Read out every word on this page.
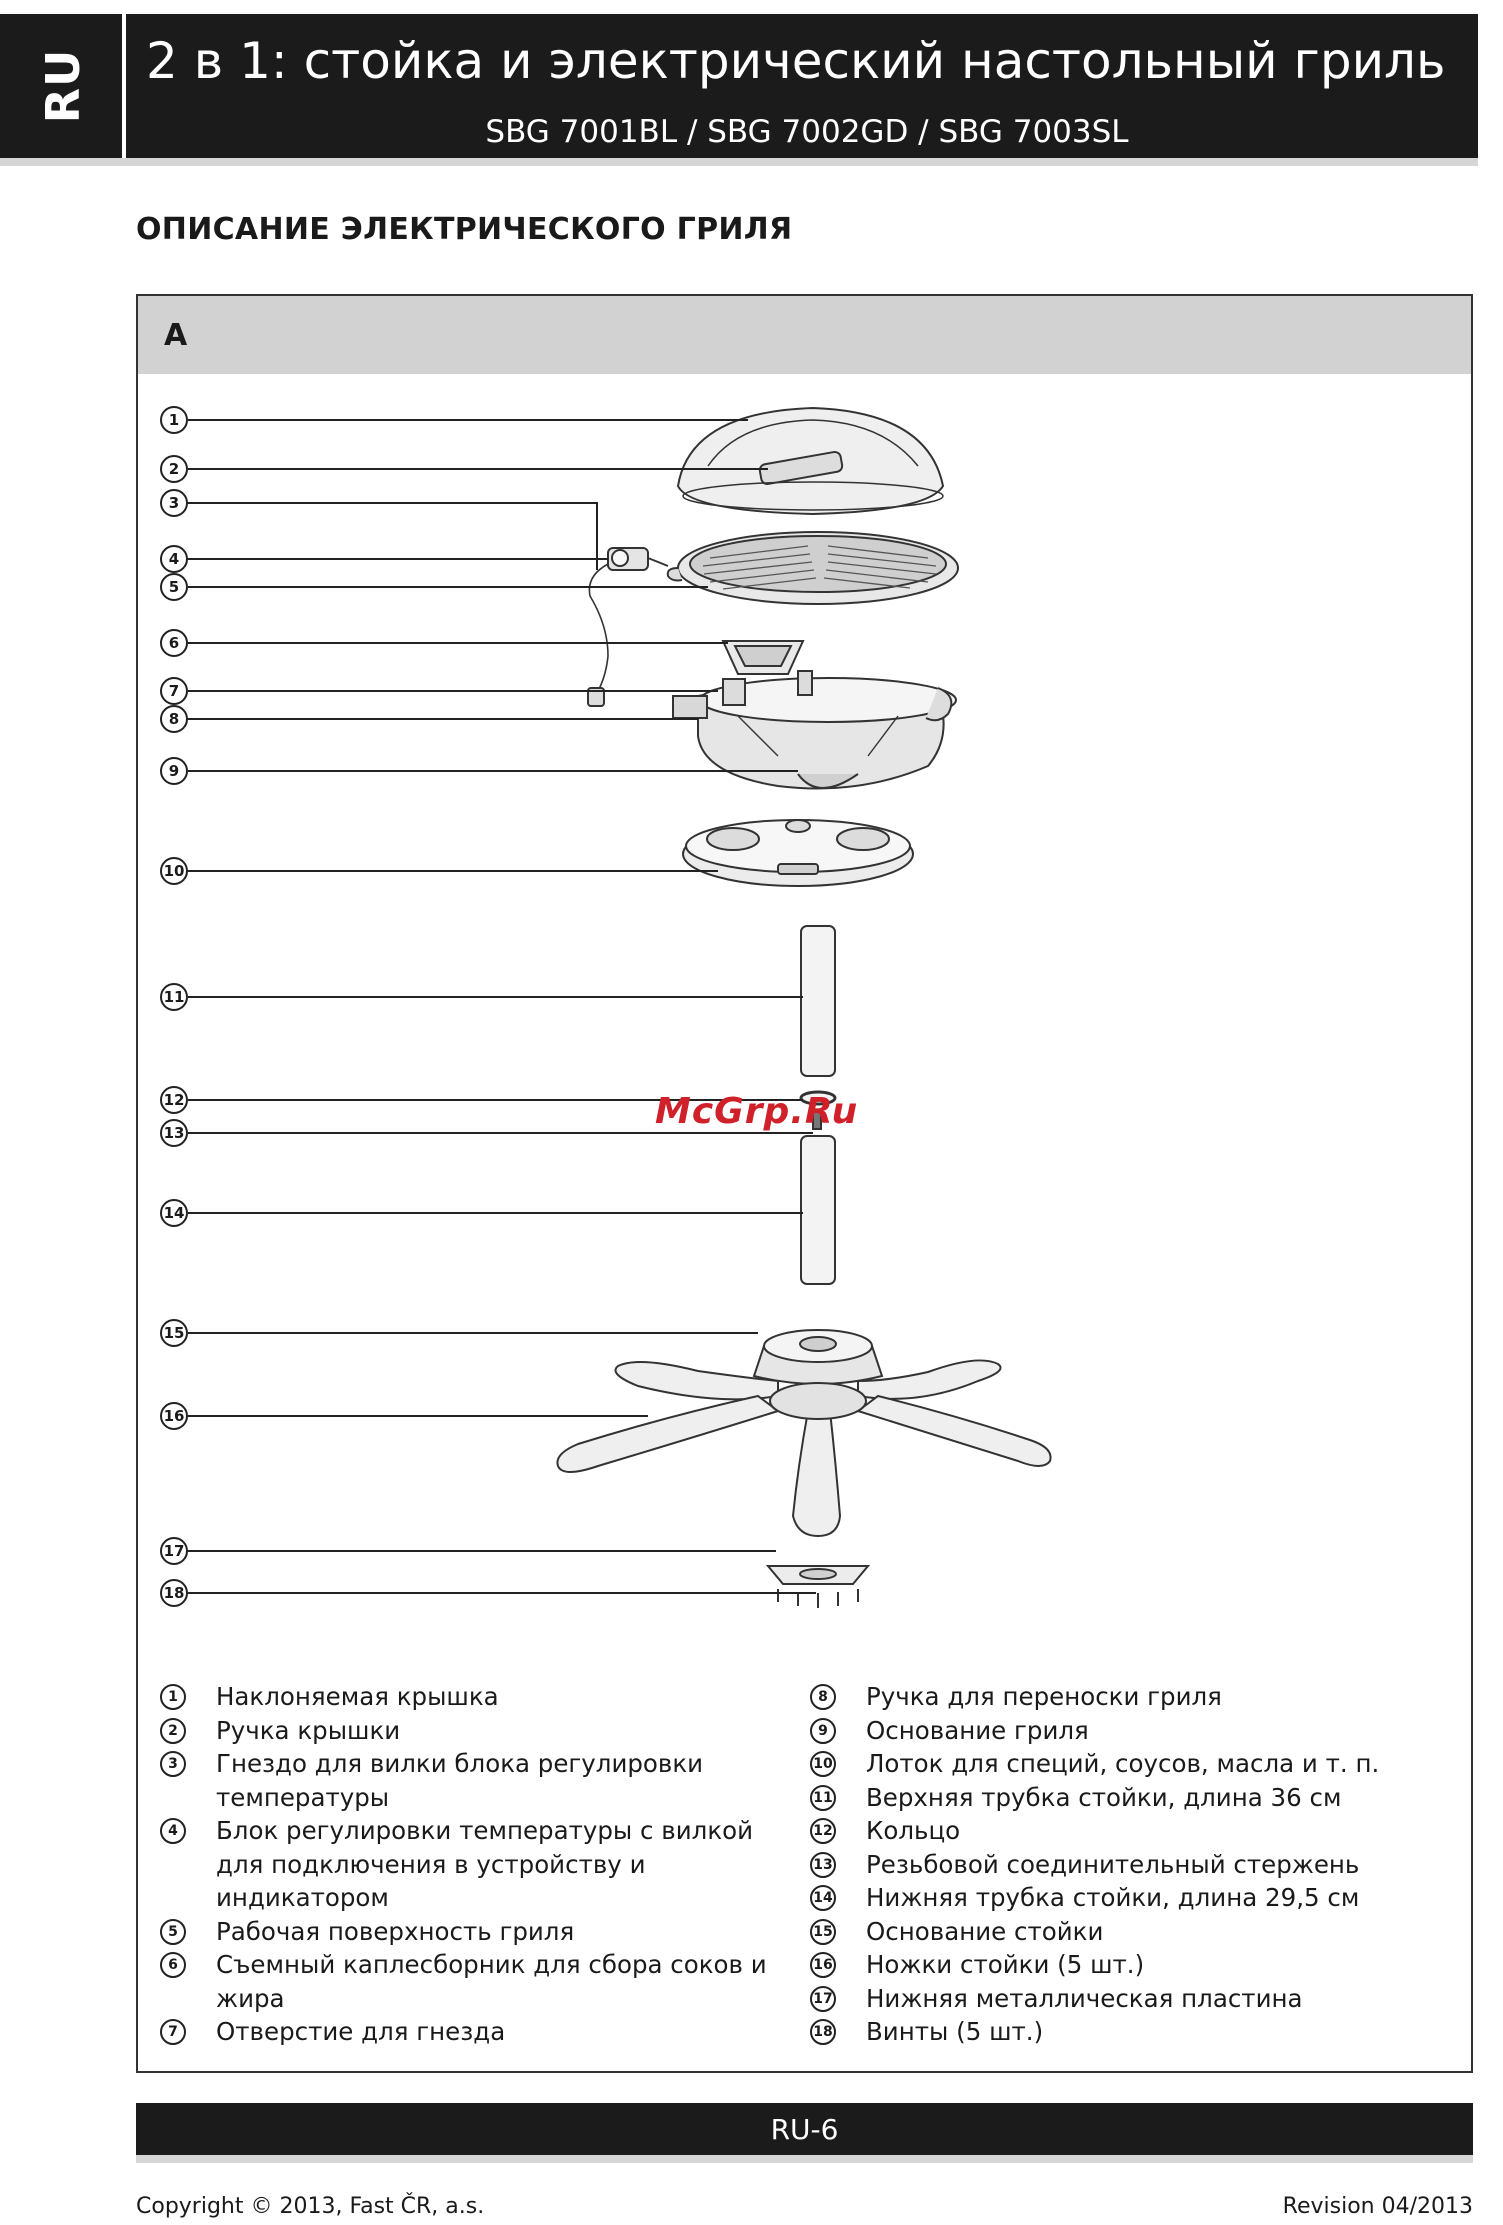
RU 2 в 1: стойка и электрический настольный гриль
SBG 7001BL / SBG 7002GD / SBG 7003SL
ОПИСАНИЕ ЭЛЕКТРИЧЕСКОГО ГРИЛЯ
A
1
2
3
4
5
6
7
8
9
10
11
12
13
14
15
16
17
18
McGrp.Ru
1	Наклоняемая крышка
2	Ручка крышки
3	Гнездо для вилки блока регулировки температуры
4	Блок регулировки температуры с вилкой для подключения в устройству и индикатором
5	Рабочая поверхность гриля
6	Съемный каплесборник для сбора соков и жира
7	Отверстие для гнезда
8	Ручка для переноски гриля
9	Основание гриля
10 Лоток для специй, соусов, масла и т. п.
11 Верхняя трубка стойки, длина 36 см
12 Кольцо
13 Резьбовой соединительный стержень
14 Нижняя трубка стойки, длина 29,5 см
15 Основание стойки
16 Ножки стойки (5 шт.)
17 Нижняя металлическая пластина
18 Винты (5 шт.)
RU-6
Copyright © 2013, Fast ČR, a.s.	Revision 04/2013
